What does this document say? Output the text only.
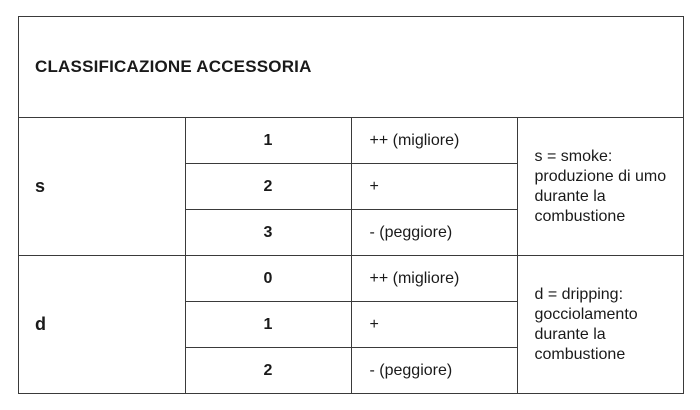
CLASSIFICAZIONE ACCESSORIA			
s	1	++ (migliore)	s = smoke: produzione di umo durante la combustione
	2	+	
	3	- (peggiore)	
d	0	++ (migliore)	d = dripping: gocciolamento durante la combustione
	1	+	
	2	- (peggiore)	
